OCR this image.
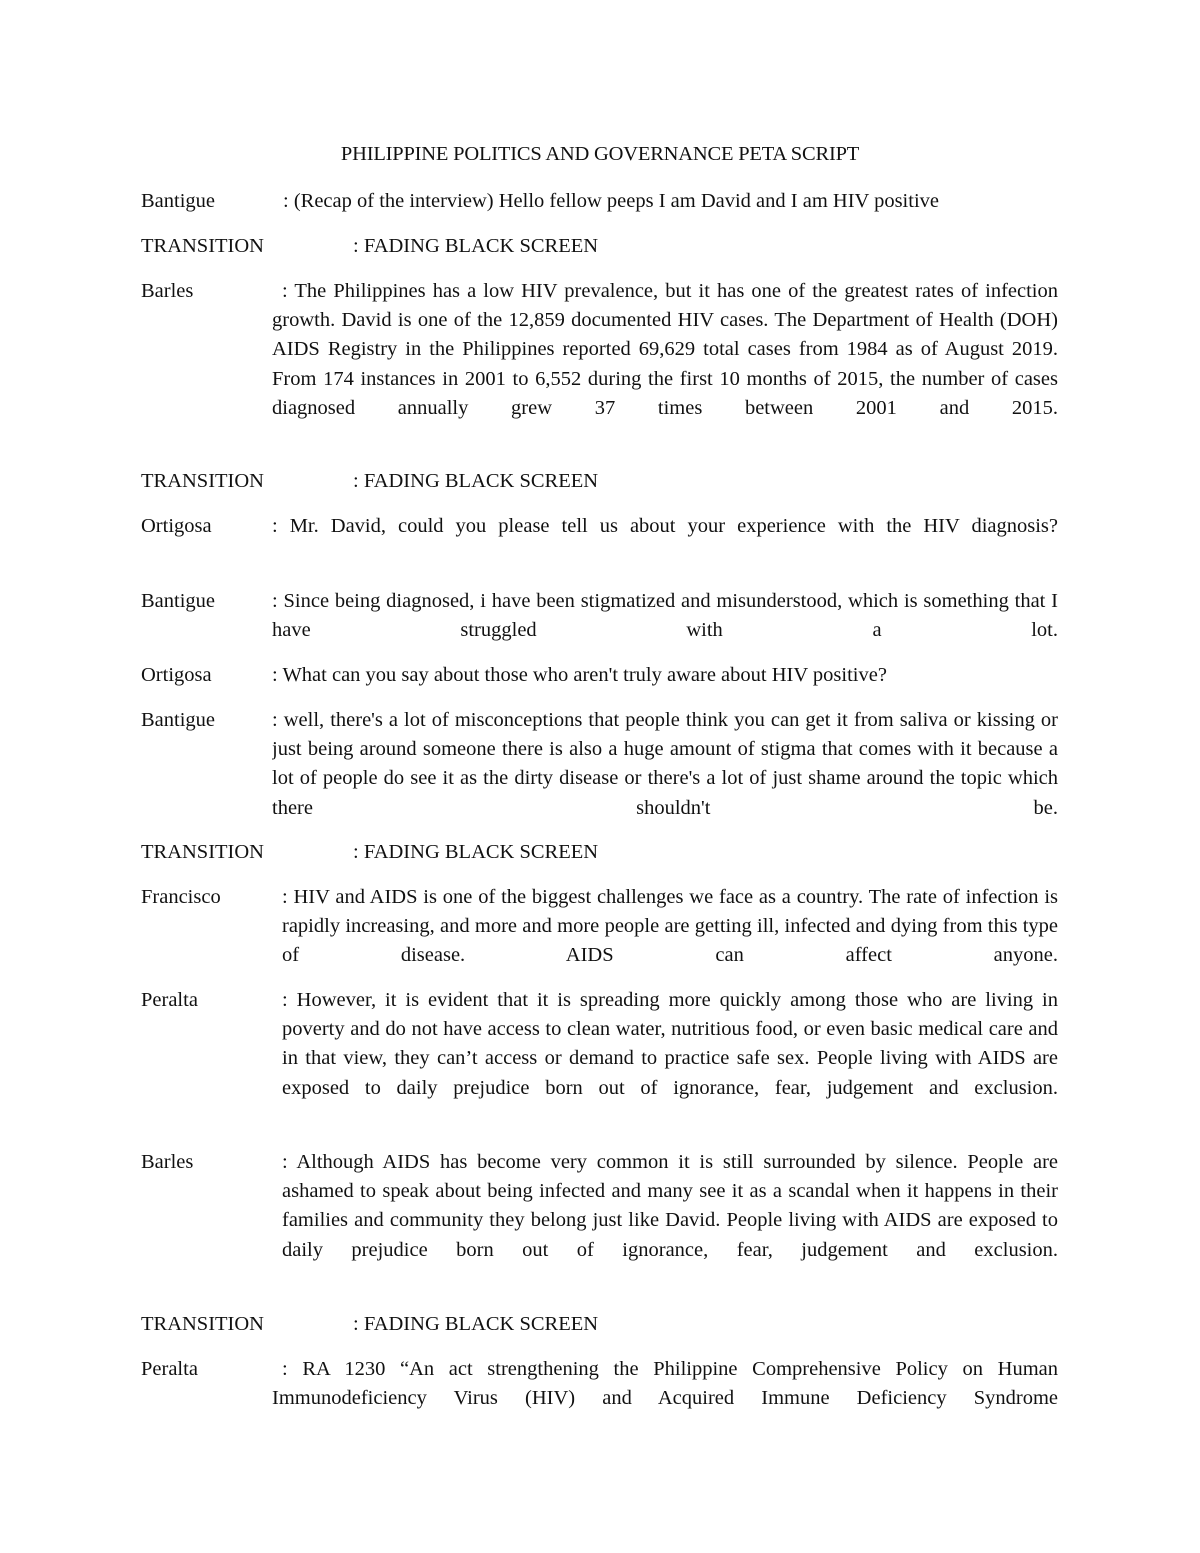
PHILIPPINE POLITICS AND GOVERNANCE PETA SCRIPT
Bantigue	: (Recap of the interview) Hello fellow peeps I am David and I am HIV positive
TRANSITION	: FADING BLACK SCREEN
Barles	: The Philippines has a low HIV prevalence, but it has one of the greatest rates of infection growth. David is one of the 12,859 documented HIV cases. The Department of Health (DOH) AIDS Registry in the Philippines reported 69,629 total cases from 1984 as of August 2019. From 174 instances in 2001 to 6,552 during the first 10 months of 2015, the number of cases diagnosed annually grew 37 times between 2001 and 2015.
TRANSITION	: FADING BLACK SCREEN
Ortigosa	: Mr. David, could you please tell us about your experience with the HIV diagnosis?
Bantigue	: Since being diagnosed, i have been stigmatized and misunderstood, which is something that I have struggled with a lot.
Ortigosa	: What can you say about those who aren't truly aware about HIV positive?
Bantigue	: well, there's a lot of misconceptions that people think you can get it from saliva or kissing or just being around someone there is also a huge amount of stigma that comes with it because a lot of people do see it as the dirty disease or there's a lot of just shame around the topic which there shouldn't be.
TRANSITION	: FADING BLACK SCREEN
Francisco	: HIV and AIDS is one of the biggest challenges we face as a country. The rate of infection is rapidly increasing, and more and more people are getting ill, infected and dying from this type of disease. AIDS can affect anyone.
Peralta	: However, it is evident that it is spreading more quickly among those who are living in poverty and do not have access to clean water, nutritious food, or even basic medical care and in that view, they can’t access or demand to practice safe sex. People living with AIDS are exposed to daily prejudice born out of ignorance, fear, judgement and exclusion.
Barles	: Although AIDS has become very common it is still surrounded by silence. People are ashamed to speak about being infected and many see it as a scandal when it happens in their families and community they belong just like David. People living with AIDS are exposed to daily prejudice born out of ignorance, fear, judgement and exclusion.
TRANSITION	: FADING BLACK SCREEN
Peralta	: RA 1230 “An act strengthening the Philippine Comprehensive Policy on Human Immunodeficiency Virus (HIV) and Acquired Immune Deficiency Syndrome
